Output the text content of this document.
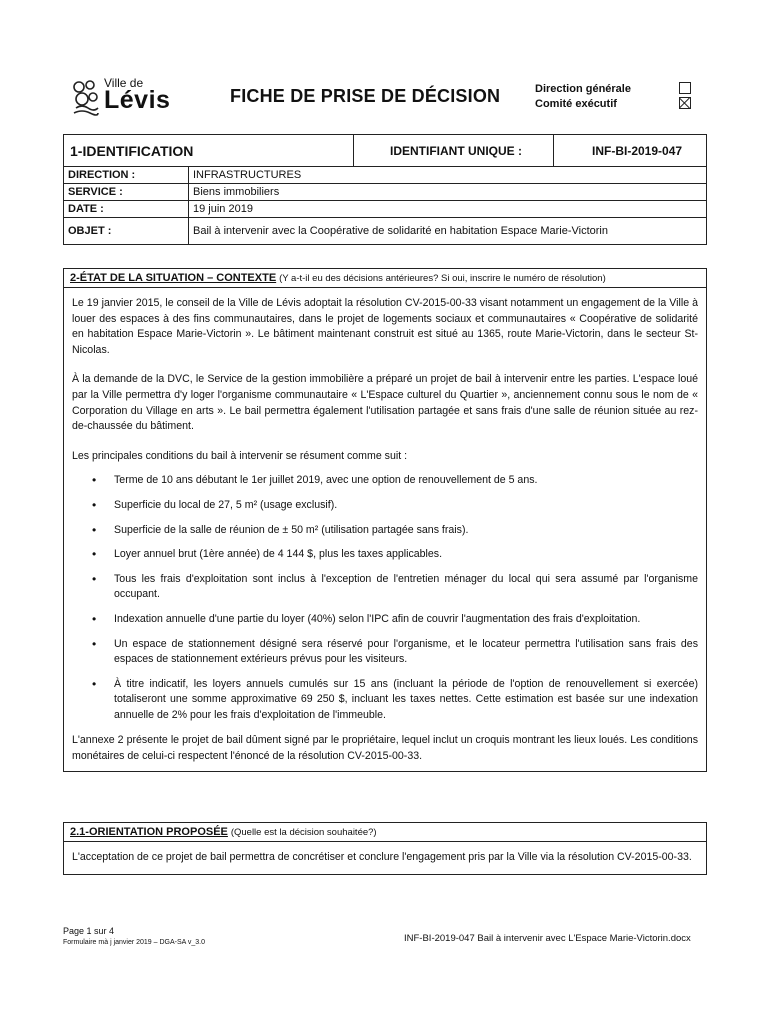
Ville de
Lévis	FICHE DE PRISE DE DÉCISION	Direction générale
Comité exécutif
1-IDENTIFICATION	IDENTIFIANT UNIQUE :	INF-BI-2019-047
DIRECTION :	INFRASTRUCTURES
SERVICE :	Biens immobiliers
DATE :	19 juin 2019
OBJET :	Bail à intervenir avec la Coopérative de solidarité en habitation Espace Marie-Victorin
2-ÉTAT DE LA SITUATION – CONTEXTE (Y a-t-il eu des décisions antérieures? Si oui, inscrire le numéro de résolution)

Le 19 janvier 2015, le conseil de la Ville de Lévis adoptait la résolution CV-2015-00-33 visant notamment un engagement de la Ville à louer des espaces à des fins communautaires, dans le projet de logements sociaux et communautaires « Coopérative de solidarité en habitation Espace Marie-Victorin ». Le bâtiment maintenant construit est situé au 1365, route Marie-Victorin, dans le secteur St-Nicolas.

À la demande de la DVC, le Service de la gestion immobilière a préparé un projet de bail à intervenir entre les parties. L'espace loué par la Ville permettra d'y loger l'organisme communautaire « L'Espace culturel du Quartier », anciennement connu sous le nom de « Corporation du Village en arts ». Le bail permettra également l'utilisation partagée et sans frais d'une salle de réunion située au rez-de-chaussée du bâtiment.

Les principales conditions du bail à intervenir se résument comme suit :

• Terme de 10 ans débutant le 1er juillet 2019, avec une option de renouvellement de 5 ans.
• Superficie du local de 27, 5 m² (usage exclusif).
• Superficie de la salle de réunion de ± 50 m² (utilisation partagée sans frais).
• Loyer annuel brut (1ère année) de 4 144 $, plus les taxes applicables.
• Tous les frais d'exploitation sont inclus à l'exception de l'entretien ménager du local qui sera assumé par l'organisme occupant.
• Indexation annuelle d'une partie du loyer (40%) selon l'IPC afin de couvrir l'augmentation des frais d'exploitation.
• Un espace de stationnement désigné sera réservé pour l'organisme, et le locateur permettra l'utilisation sans frais des espaces de stationnement extérieurs prévus pour les visiteurs.
• À titre indicatif, les loyers annuels cumulés sur 15 ans (incluant la période de l'option de renouvellement si exercée) totaliseront une somme approximative 69 250 $, incluant les taxes nettes. Cette estimation est basée sur une indexation annuelle de 2% pour les frais d'exploitation de l'immeuble.

L'annexe 2 présente le projet de bail dûment signé par le propriétaire, lequel inclut un croquis montrant les lieux loués. Les conditions monétaires de celui-ci respectent l'énoncé de la résolution CV-2015-00-33.

2.1-ORIENTATION PROPOSÉE (Quelle est la décision souhaitée?)

L'acceptation de ce projet de bail permettra de concrétiser et conclure l'engagement pris par la Ville via la résolution CV-2015-00-33.

Page 1 sur 4
Formulaire mà j janvier 2019 – DGA-SA v_3.0	INF-BI-2019-047 Bail à intervenir avec L'Espace Marie-Victorin.docx
